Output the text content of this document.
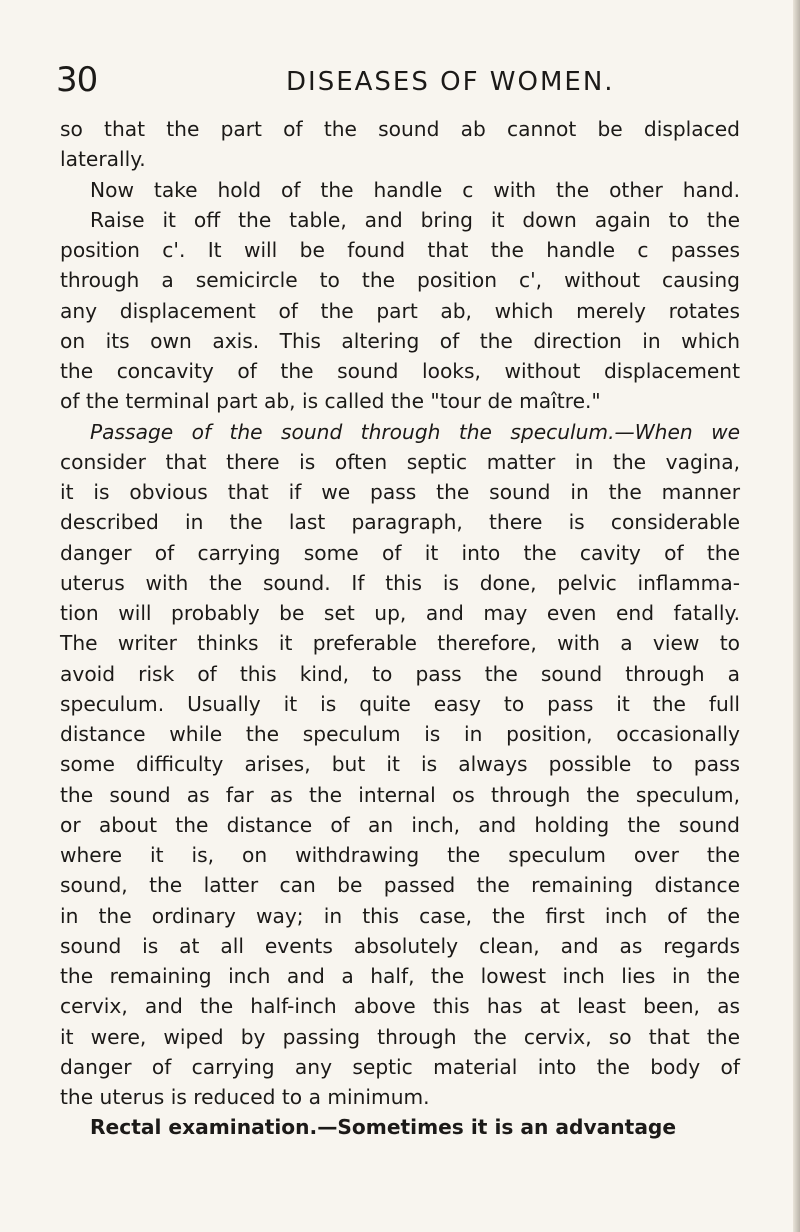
30	DISEASES OF WOMEN.
so that the part of the sound ab cannot be displaced
laterally.
Now take hold of the handle c with the other hand.
Raise it off the table, and bring it down again to the
position c'. It will be found that the handle c passes
through a semicircle to the position c', without causing
any displacement of the part ab, which merely rotates
on its own axis. This altering of the direction in which
the concavity of the sound looks, without displacement
of the terminal part ab, is called the "tour de maître."
Passage of the sound through the speculum.—When we
consider that there is often septic matter in the vagina,
it is obvious that if we pass the sound in the manner
described in the last paragraph, there is considerable
danger of carrying some of it into the cavity of the
uterus with the sound. If this is done, pelvic inflamma-
tion will probably be set up, and may even end fatally.
The writer thinks it preferable therefore, with a view to
avoid risk of this kind, to pass the sound through a
speculum. Usually it is quite easy to pass it the full
distance while the speculum is in position, occasionally
some difficulty arises, but it is always possible to pass
the sound as far as the internal os through the speculum,
or about the distance of an inch, and holding the sound
where it is, on withdrawing the speculum over the
sound, the latter can be passed the remaining distance
in the ordinary way; in this case, the first inch of the
sound is at all events absolutely clean, and as regards
the remaining inch and a half, the lowest inch lies in the
cervix, and the half-inch above this has at least been, as
it were, wiped by passing through the cervix, so that the
danger of carrying any septic material into the body of
the uterus is reduced to a minimum.
Rectal examination.—Sometimes it is an advantage
